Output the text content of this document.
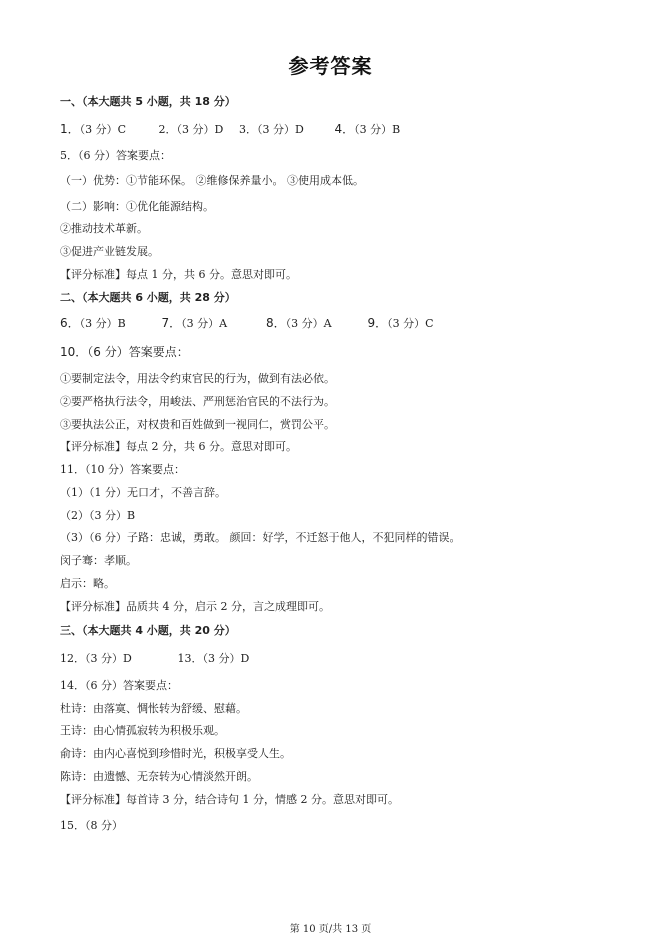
参考答案
一、（本大题共 5 小题，共 18 分）
1．（3 分）C	2．（3 分）D 3．（3 分）D	4．（3 分）B
5．（6 分）答案要点：
（一）优势：①节能环保。 ②维修保养量小。 ③使用成本低。
（二）影响：①优化能源结构。
②推动技术革新。
③促进产业链发展。
【评分标准】每点 1 分，共 6 分。意思对即可。
二、（本大题共 6 小题，共 28 分）
6．（3 分）B	7．（3 分）A	8．（3 分）A	9．（3 分）C
10．（6 分）答案要点：
①要制定法令，用法令约束官民的行为，做到有法必依。
②要严格执行法令，用峻法、严刑惩治官民的不法行为。
③要执法公正，对权贵和百姓做到一视同仁，赏罚公平。
【评分标准】每点 2 分，共 6 分。意思对即可。
11．（10 分）答案要点：
（1）（1 分）无口才，不善言辞。
（2）（3 分）B
（3）（6 分）子路：忠诚，勇敢。 颜回：好学，不迁怒于他人，不犯同样的错误。
闵子骞：孝顺。
启示：略。
【评分标准】品质共 4 分，启示 2 分，言之成理即可。
三、（本大题共 4 小题，共 20 分）
12．（3 分）D	13．（3 分）D
14．（6 分）答案要点：
杜诗：由落寞、惆怅转为舒缓、慰藉。
王诗：由心情孤寂转为积极乐观。
俞诗：由内心喜悦到珍惜时光，积极享受人生。
陈诗：由遗憾、无奈转为心情淡然开朗。
【评分标准】每首诗 3 分，结合诗句 1 分，情感 2 分。意思对即可。
15．（8 分）
第 10 页/共 13 页
